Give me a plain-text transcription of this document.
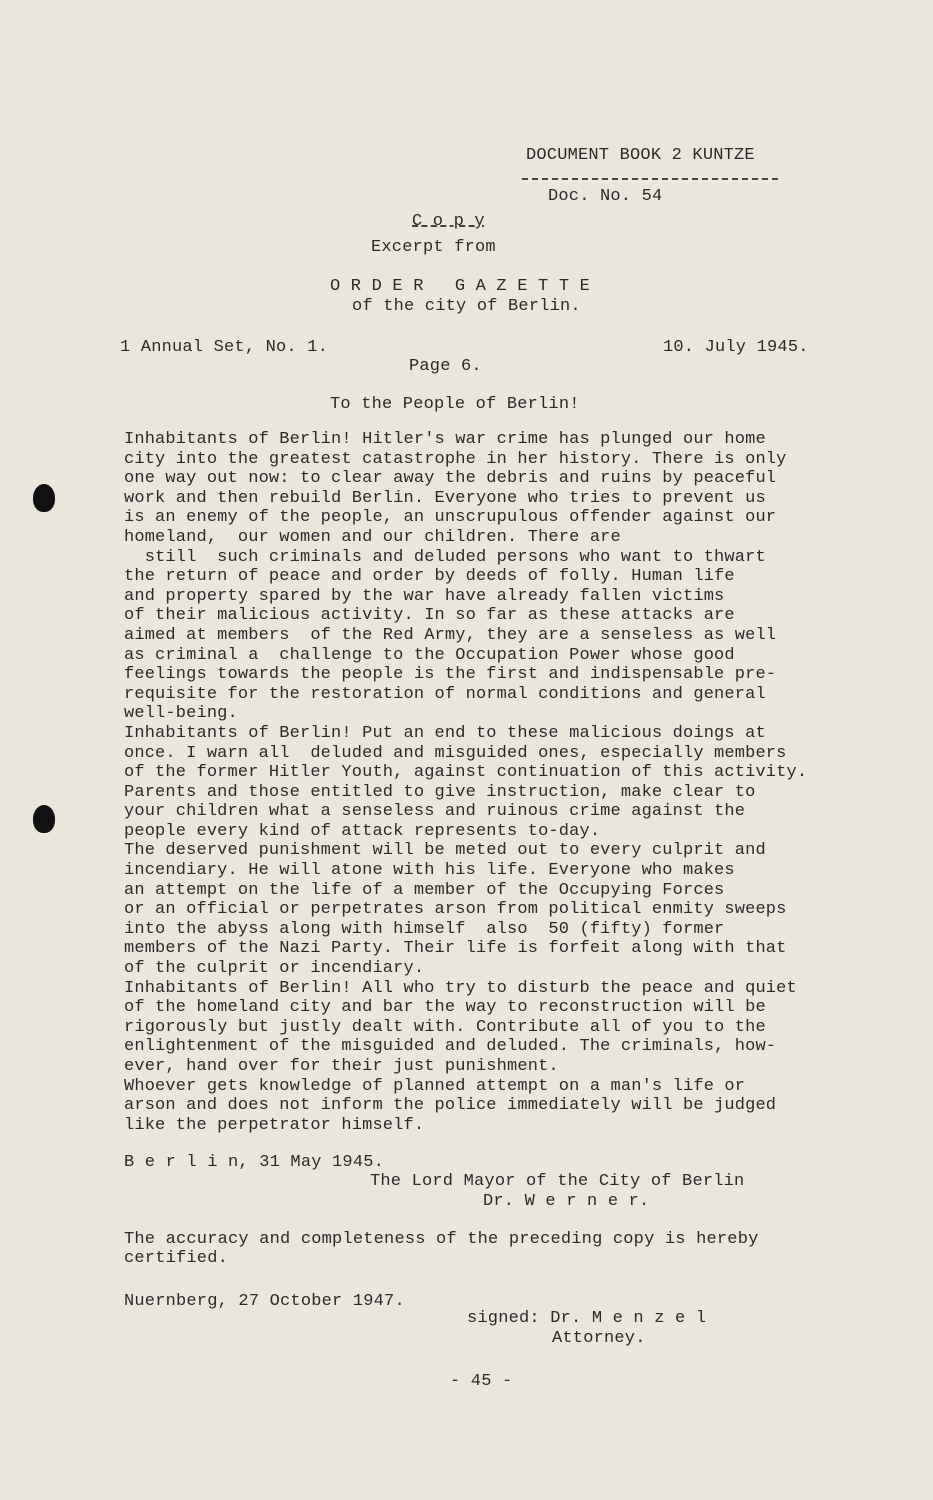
DOCUMENT BOOK 2 KUNTZE
Doc. No. 54
C o p y
Excerpt from
O R D E R   G A Z E T T E
of the city of Berlin.
1 Annual Set, No. 1.	10. July 1945.
Page 6.
To the People of Berlin!
Inhabitants of Berlin! Hitler's war crime has plunged our home
city into the greatest catastrophe in her history. There is only
one way out now: to clear away the debris and ruins by peaceful
work and then rebuild Berlin. Everyone who tries to prevent us
is an enemy of the people, an unscrupulous offender against our
homeland,  our women and our children. There are
still  such criminals and deluded persons who want to thwart
the return of peace and order by deeds of folly. Human life
and property spared by the war have already fallen victims
of their malicious activity. In so far as these attacks are
aimed at members  of the Red Army, they are a senseless as well
as criminal a  challenge to the Occupation Power whose good
feelings towards the people is the first and indispensable pre-
requisite for the restoration of normal conditions and general
well-being.
Inhabitants of Berlin! Put an end to these malicious doings at
once. I warn all  deluded and misguided ones, especially members
of the former Hitler Youth, against continuation of this activity.
Parents and those entitled to give instruction, make clear to
your children what a senseless and ruinous crime against the
people every kind of attack represents to-day.
The deserved punishment will be meted out to every culprit and
incendiary. He will atone with his life. Everyone who makes
an attempt on the life of a member of the Occupying Forces
or an official or perpetrates arson from political enmity sweeps
into the abyss along with himself  also  50 (fifty) former
members of the Nazi Party. Their life is forfeit along with that
of the culprit or incendiary.
Inhabitants of Berlin! All who try to disturb the peace and quiet
of the homeland city and bar the way to reconstruction will be
rigorously but justly dealt with. Contribute all of you to the
enlightenment of the misguided and deluded. The criminals, how-
ever, hand over for their just punishment.
Whoever gets knowledge of planned attempt on a man's life or
arson and does not inform the police immediately will be judged
like the perpetrator himself.
B e r l i n, 31 May 1945.
The Lord Mayor of the City of Berlin
Dr. W e r n e r.
The accuracy and completeness of the preceding copy is hereby
certified.
Nuernberg, 27 October 1947.
signed: Dr. M e n z e l
Attorney.
- 45 -
